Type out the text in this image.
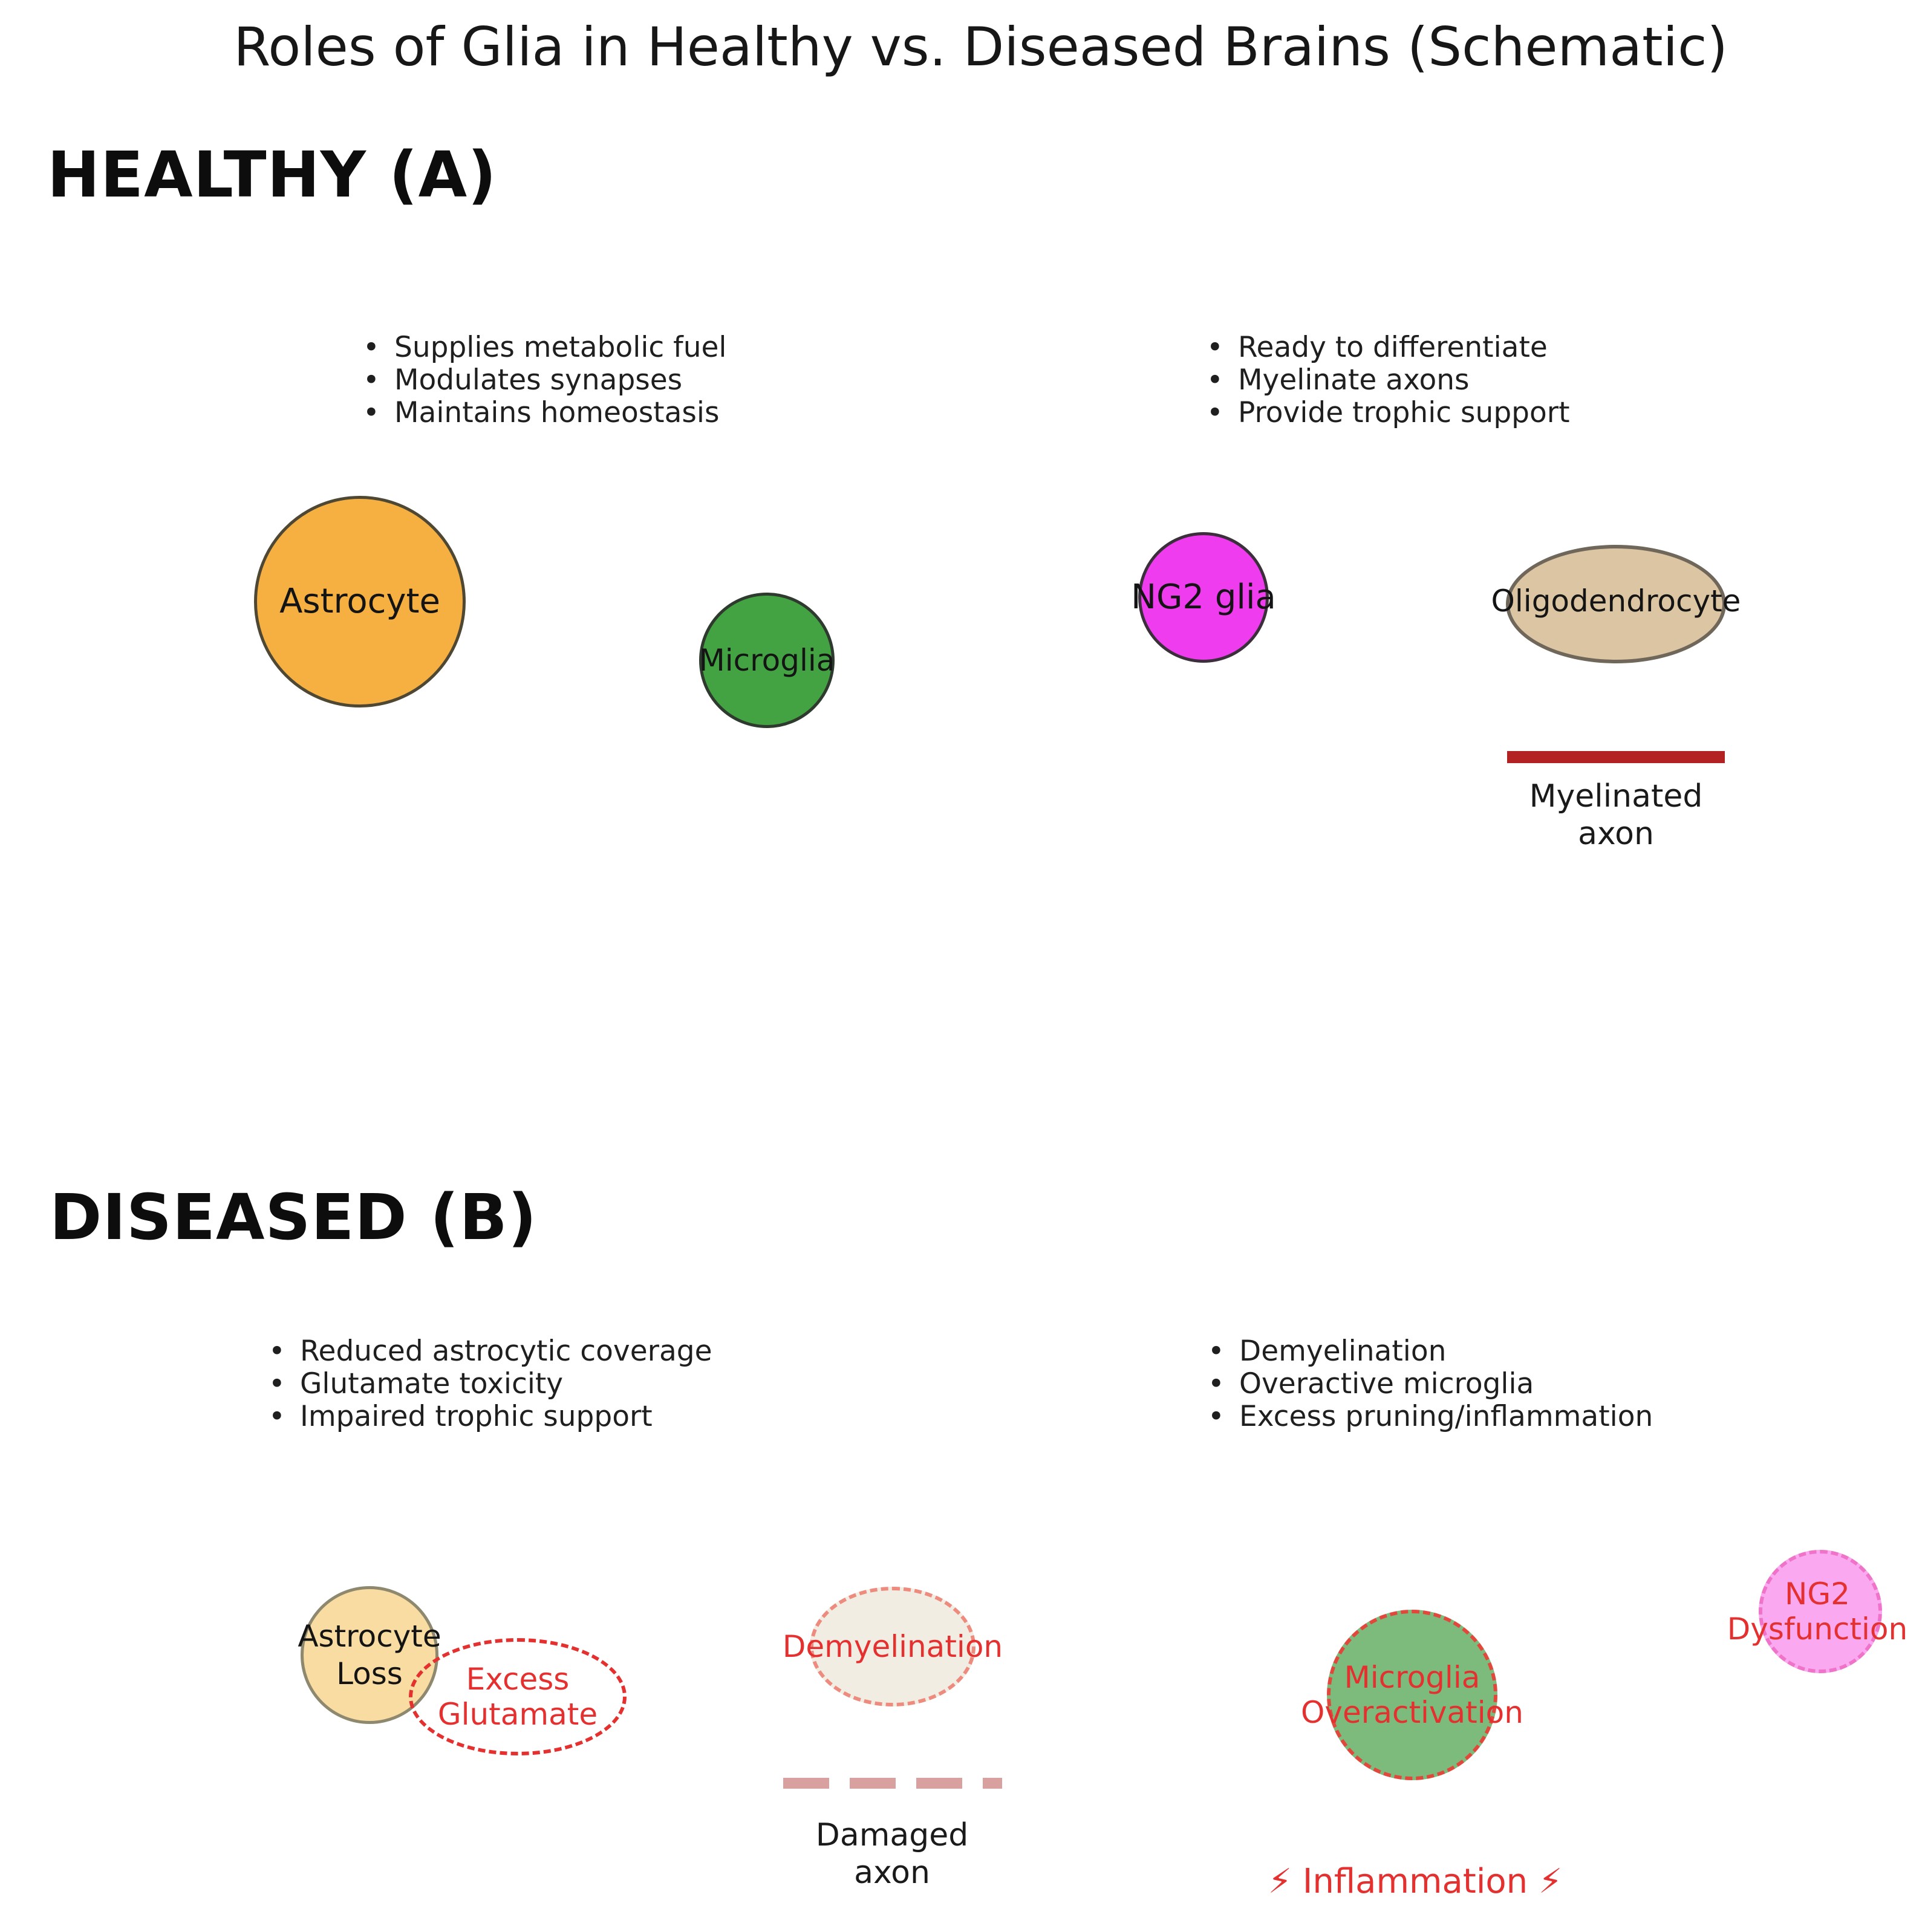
Roles of Glia in Healthy vs. Diseased Brains (Schematic)
HEALTHY (A)
• Supplies metabolic fuel
• Modulates synapses
• Maintains homeostasis
• Ready to differentiate
• Myelinate axons
• Provide trophic support
Astrocyte
Microglia
NG2 glia	Oligodendrocyte
Myelinated
axon
DISEASED (B)
• Reduced astrocytic coverage
• Glutamate toxicity
• Impaired trophic support
• Demyelination
• Overactive microglia
• Excess pruning/inflammation
Astrocyte
Loss	Excess
Glutamate
Demyelination
Damaged
axon
Microglia
Overactivation
NG2
Dysfunction
⚡ Inflammation ⚡
